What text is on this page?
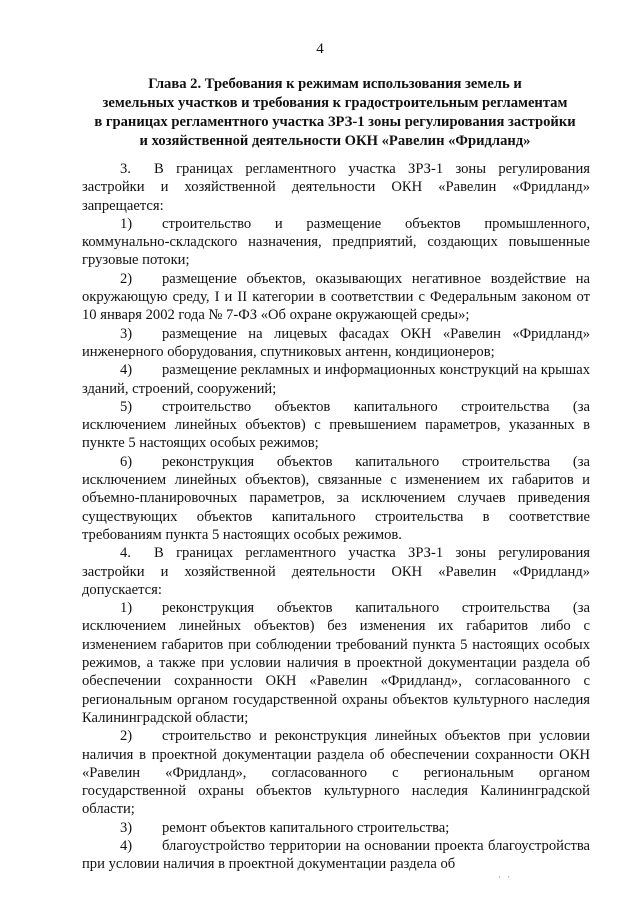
4
Глава 2. Требования к режимам использования земель и
земельных участков и требования к градостроительным регламентам
в границах регламентного участка ЗРЗ-1 зоны регулирования застройки
и хозяйственной деятельности ОКН «Равелин «Фридланд»

3. В границах регламентного участка ЗРЗ-1 зоны регулирования застройки и хозяйственной деятельности ОКН «Равелин «Фридланд» запрещается:

1) строительство и размещение объектов промышленного, коммунально-складского назначения, предприятий, создающих повышенные грузовые потоки;

2) размещение объектов, оказывающих негативное воздействие на окружающую среду, I и II категории в соответствии с Федеральным законом от 10 января 2002 года № 7-ФЗ «Об охране окружающей среды»;

3) размещение на лицевых фасадах ОКН «Равелин «Фридланд» инженерного оборудования, спутниковых антенн, кондиционеров;

4) размещение рекламных и информационных конструкций на крышах зданий, строений, сооружений;

5) строительство объектов капитального строительства (за исключением линейных объектов) с превышением параметров, указанных в пункте 5 настоящих особых режимов;

6) реконструкция объектов капитального строительства (за исключением линейных объектов), связанные с изменением их габаритов и объемно-планировочных параметров, за исключением случаев приведения существующих объектов капитального строительства в соответствие требованиям пункта 5 настоящих особых режимов.

4. В границах регламентного участка ЗРЗ-1 зоны регулирования застройки и хозяйственной деятельности ОКН «Равелин «Фридланд» допускается:

1) реконструкция объектов капитального строительства (за исключением линейных объектов) без изменения их габаритов либо с изменением габаритов при соблюдении требований пункта 5 настоящих особых режимов, а также при условии наличия в проектной документации раздела об обеспечении сохранности ОКН «Равелин «Фридланд», согласованного с региональным органом государственной охраны объектов культурного наследия Калининградской области;

2) строительство и реконструкция линейных объектов при условии наличия в проектной документации раздела об обеспечении сохранности ОКН «Равелин «Фридланд», согласованного с региональным органом государственной охраны объектов культурного наследия Калининградской области;

3) ремонт объектов капитального строительства;

4) благоустройство территории на основании проекта благоустройства при условии наличия в проектной документации раздела об

· ·
